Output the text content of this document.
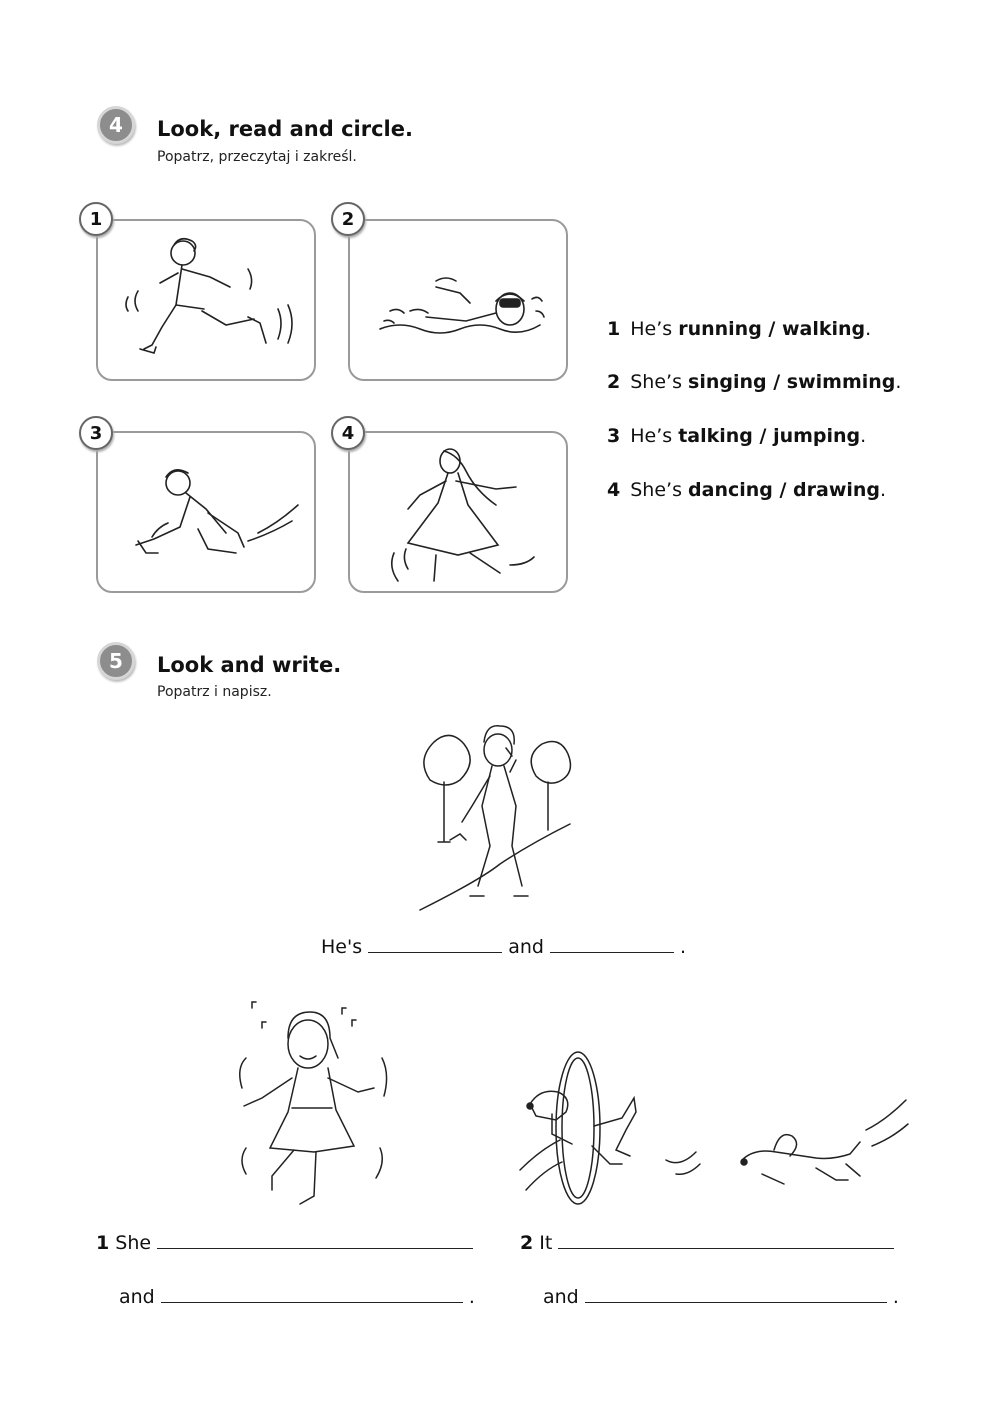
4	Look, read and circle.
Popatrz, przeczytaj i zakreśl.
1	2
3	4
1 He’s running / walking.
2 She’s singing / swimming.
3 He’s talking / jumping.
4 She’s dancing / drawing.
5	Look and write.
Popatrz i napisz.
He's	and	.
1 She
and	.
2 It
and	.
